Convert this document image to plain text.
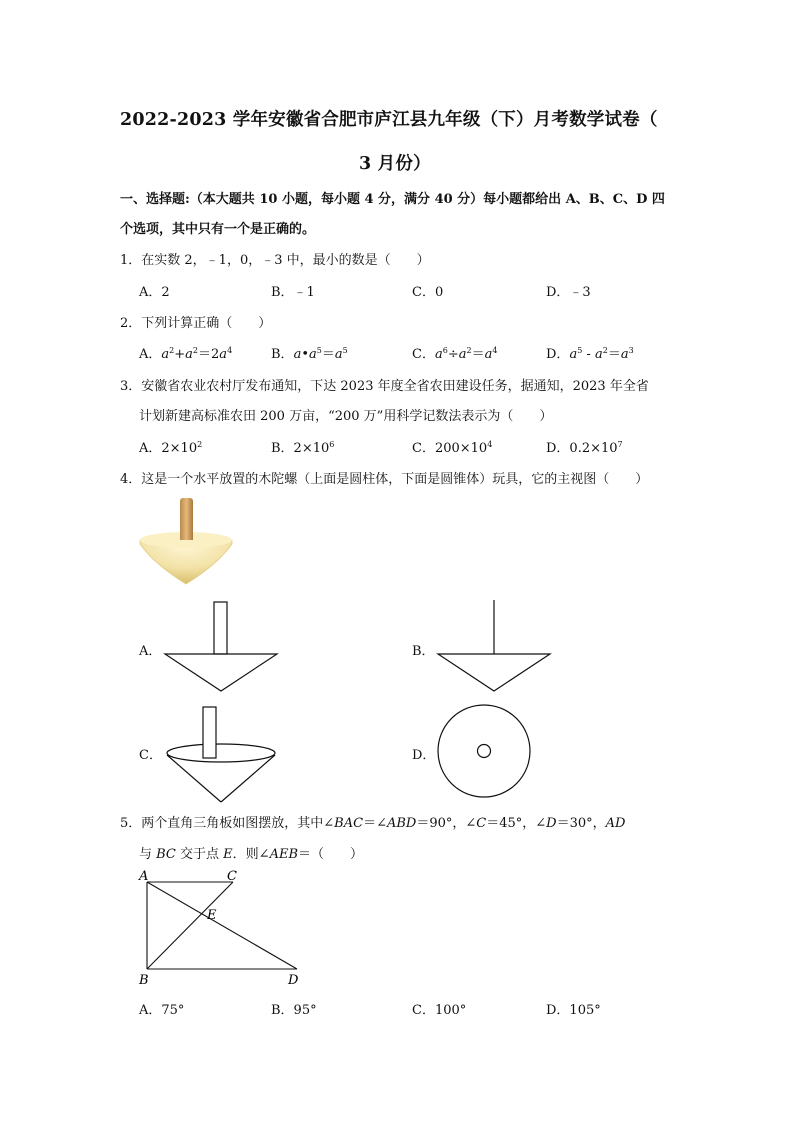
2022-2023 学年安徽省合肥市庐江县九年级（下）月考数学试卷（
3 月份）
一、选择题:（本大题共 10 小题，每小题 4 分，满分 40 分）每小题都给出 A、B、C、D 四
个选项，其中只有一个是正确的。
1．在实数 2，﹣1，0，﹣3 中，最小的数是（　　）
A．2	B．﹣1	C．0	D．﹣3
2．下列计算正确（　　）
A．$a^2+a^2=2a^4$	B．$a•a^5=a^5$	C．$a^6\div a^2=a^4$	D．$a^5 - a^2=a^3$
3．安徽省农业农村厅发布通知，下达 2023 年度全省农田建设任务，据通知，2023 年全省
计划新建高标准农田 200 万亩，“200 万”用科学记数法表示为（　　）
A．$2\times 10^2$	B．$2\times 10^6$	C．$200\times 10^4$	D．$0.2\times 10^7$
4．这是一个水平放置的木陀螺（上面是圆柱体，下面是圆锥体）玩具，它的主视图（　　）
A．	B．
C．	D．
5．两个直角三角板如图摆放，其中∠BAC＝∠ABD＝90°，∠C＝45°，∠D＝30°，AD
与 BC 交于点 E．则∠AEB＝（　　）
A	C
E
B	D
A．75°	B．95°	C．100°	D．105°
